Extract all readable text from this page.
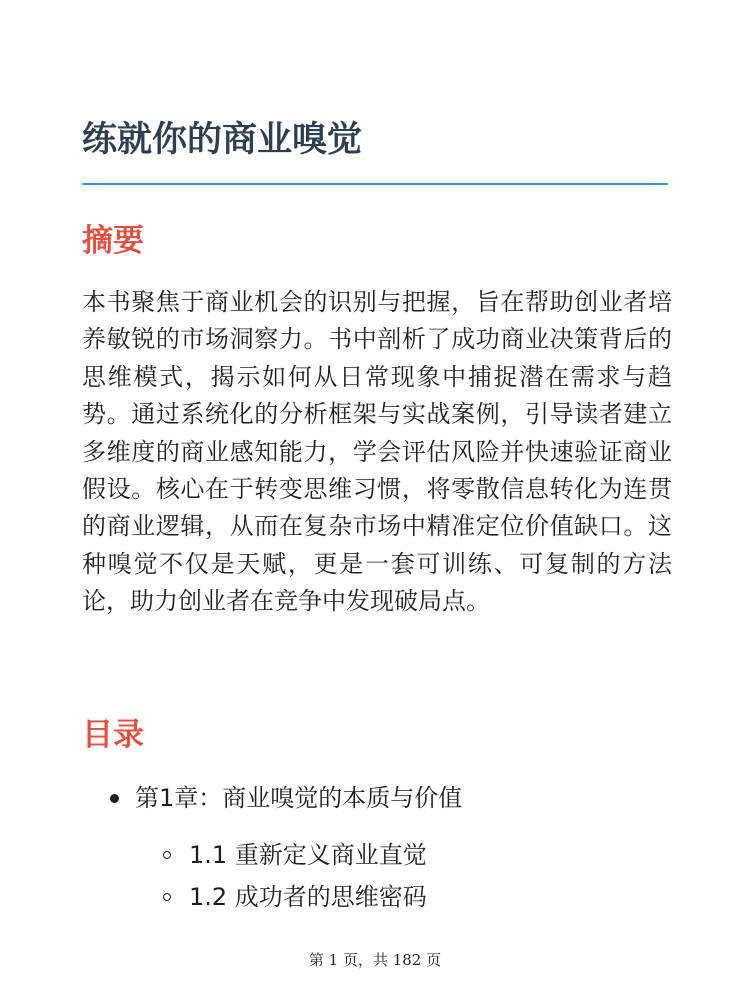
练就你的商业嗅觉
摘要

本书聚焦于商业机会的识别与把握，旨在帮助创业者培养敏锐的市场洞察力。书中剖析了成功商业决策背后的思维模式，揭示如何从日常现象中捕捉潜在需求与趋势。通过系统化的分析框架与实战案例，引导读者建立多维度的商业感知能力，学会评估风险并快速验证商业假设。核心在于转变思维习惯，将零散信息转化为连贯的商业逻辑，从而在复杂市场中精准定位价值缺口。这种嗅觉不仅是天赋，更是一套可训练、可复制的方法论，助力创业者在竞争中发现破局点。

目录
第1章：商业嗅觉的本质与价值
1.1 重新定义商业直觉
1.2 成功者的思维密码
第 1 页，共 182 页
